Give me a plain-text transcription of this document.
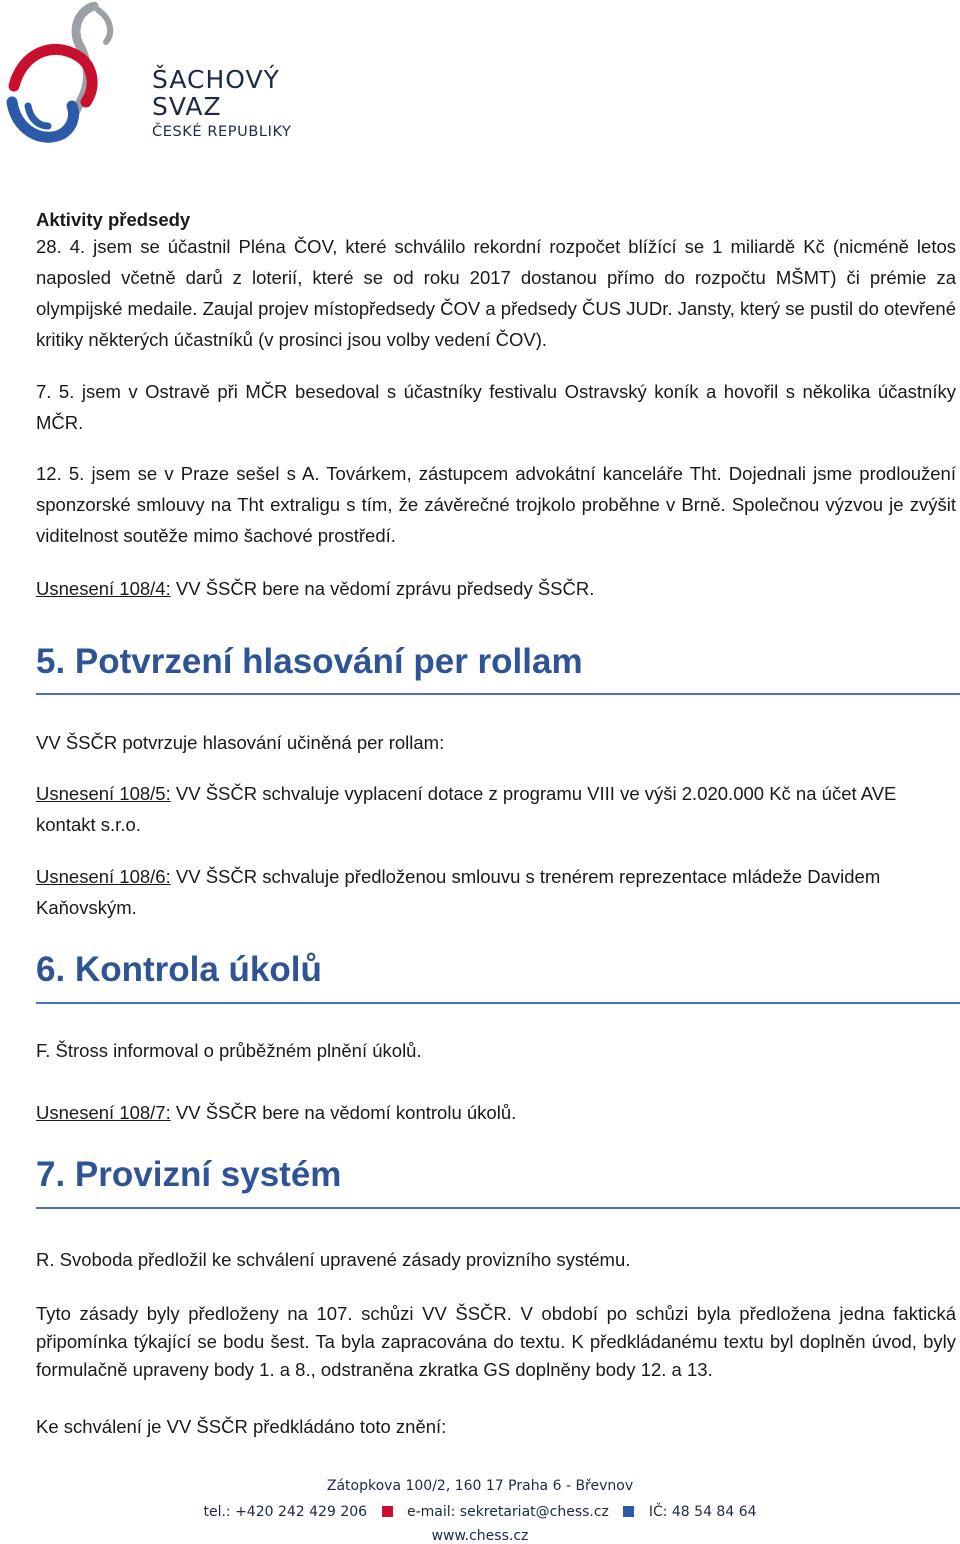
ŠACHOVÝ
SVAZ
ČESKÉ REPUBLIKY

Aktivity předsedy

28. 4. jsem se účastnil Pléna ČOV, které schválilo rekordní rozpočet blížící se 1 miliardě Kč (nicméně letos naposled včetně darů z loterií, které se od roku 2017 dostanou přímo do rozpočtu MŠMT) či prémie za olympijské medaile. Zaujal projev místopředsedy ČOV a předsedy ČUS JUDr. Jansty, který se pustil do otevřené kritiky některých účastníků (v prosinci jsou volby vedení ČOV).

7. 5. jsem v Ostravě při MČR besedoval s účastníky festivalu Ostravský koník a hovořil s několika účastníky MČR.

12. 5. jsem se v Praze sešel s A. Továrkem, zástupcem advokátní kanceláře Tht. Dojednali jsme prodloužení sponzorské smlouvy na Tht extraligu s tím, že závěrečné trojkolo proběhne v Brně. Společnou výzvou je zvýšit viditelnost soutěže mimo šachové prostředí.

Usnesení 108/4: VV ŠSČR bere na vědomí zprávu předsedy ŠSČR.

5. Potvrzení hlasování per rollam

VV ŠSČR potvrzuje hlasování učiněná per rollam:

Usnesení 108/5: VV ŠSČR schvaluje vyplacení dotace z programu VIII ve výši 2.020.000 Kč na účet AVE kontakt s.r.o.

Usnesení 108/6: VV ŠSČR schvaluje předloženou smlouvu s trenérem reprezentace mládeže Davidem Kaňovským.

6. Kontrola úkolů

F. Štross informoval o průběžném plnění úkolů.

Usnesení 108/7: VV ŠSČR bere na vědomí kontrolu úkolů.

7. Provizní systém

R. Svoboda předložil ke schválení upravené zásady provizního systému.

Tyto zásady byly předloženy na 107. schůzi VV ŠSČR. V období po schůzi byla předložena jedna faktická připomínka týkající se bodu šest. Ta byla zapracována do textu. K předkládanému textu byl doplněn úvod, byly formulačně upraveny body 1. a 8., odstraněna zkratka GS doplněny body 12. a 13.

Ke schválení je VV ŠSČR předkládáno toto znění:

Zátopkova 100/2, 160 17 Praha 6 - Břevnov
tel.: +420 242 429 206	e-mail: sekretariat@chess.cz	IČ: 48 54 84 64
www.chess.cz
